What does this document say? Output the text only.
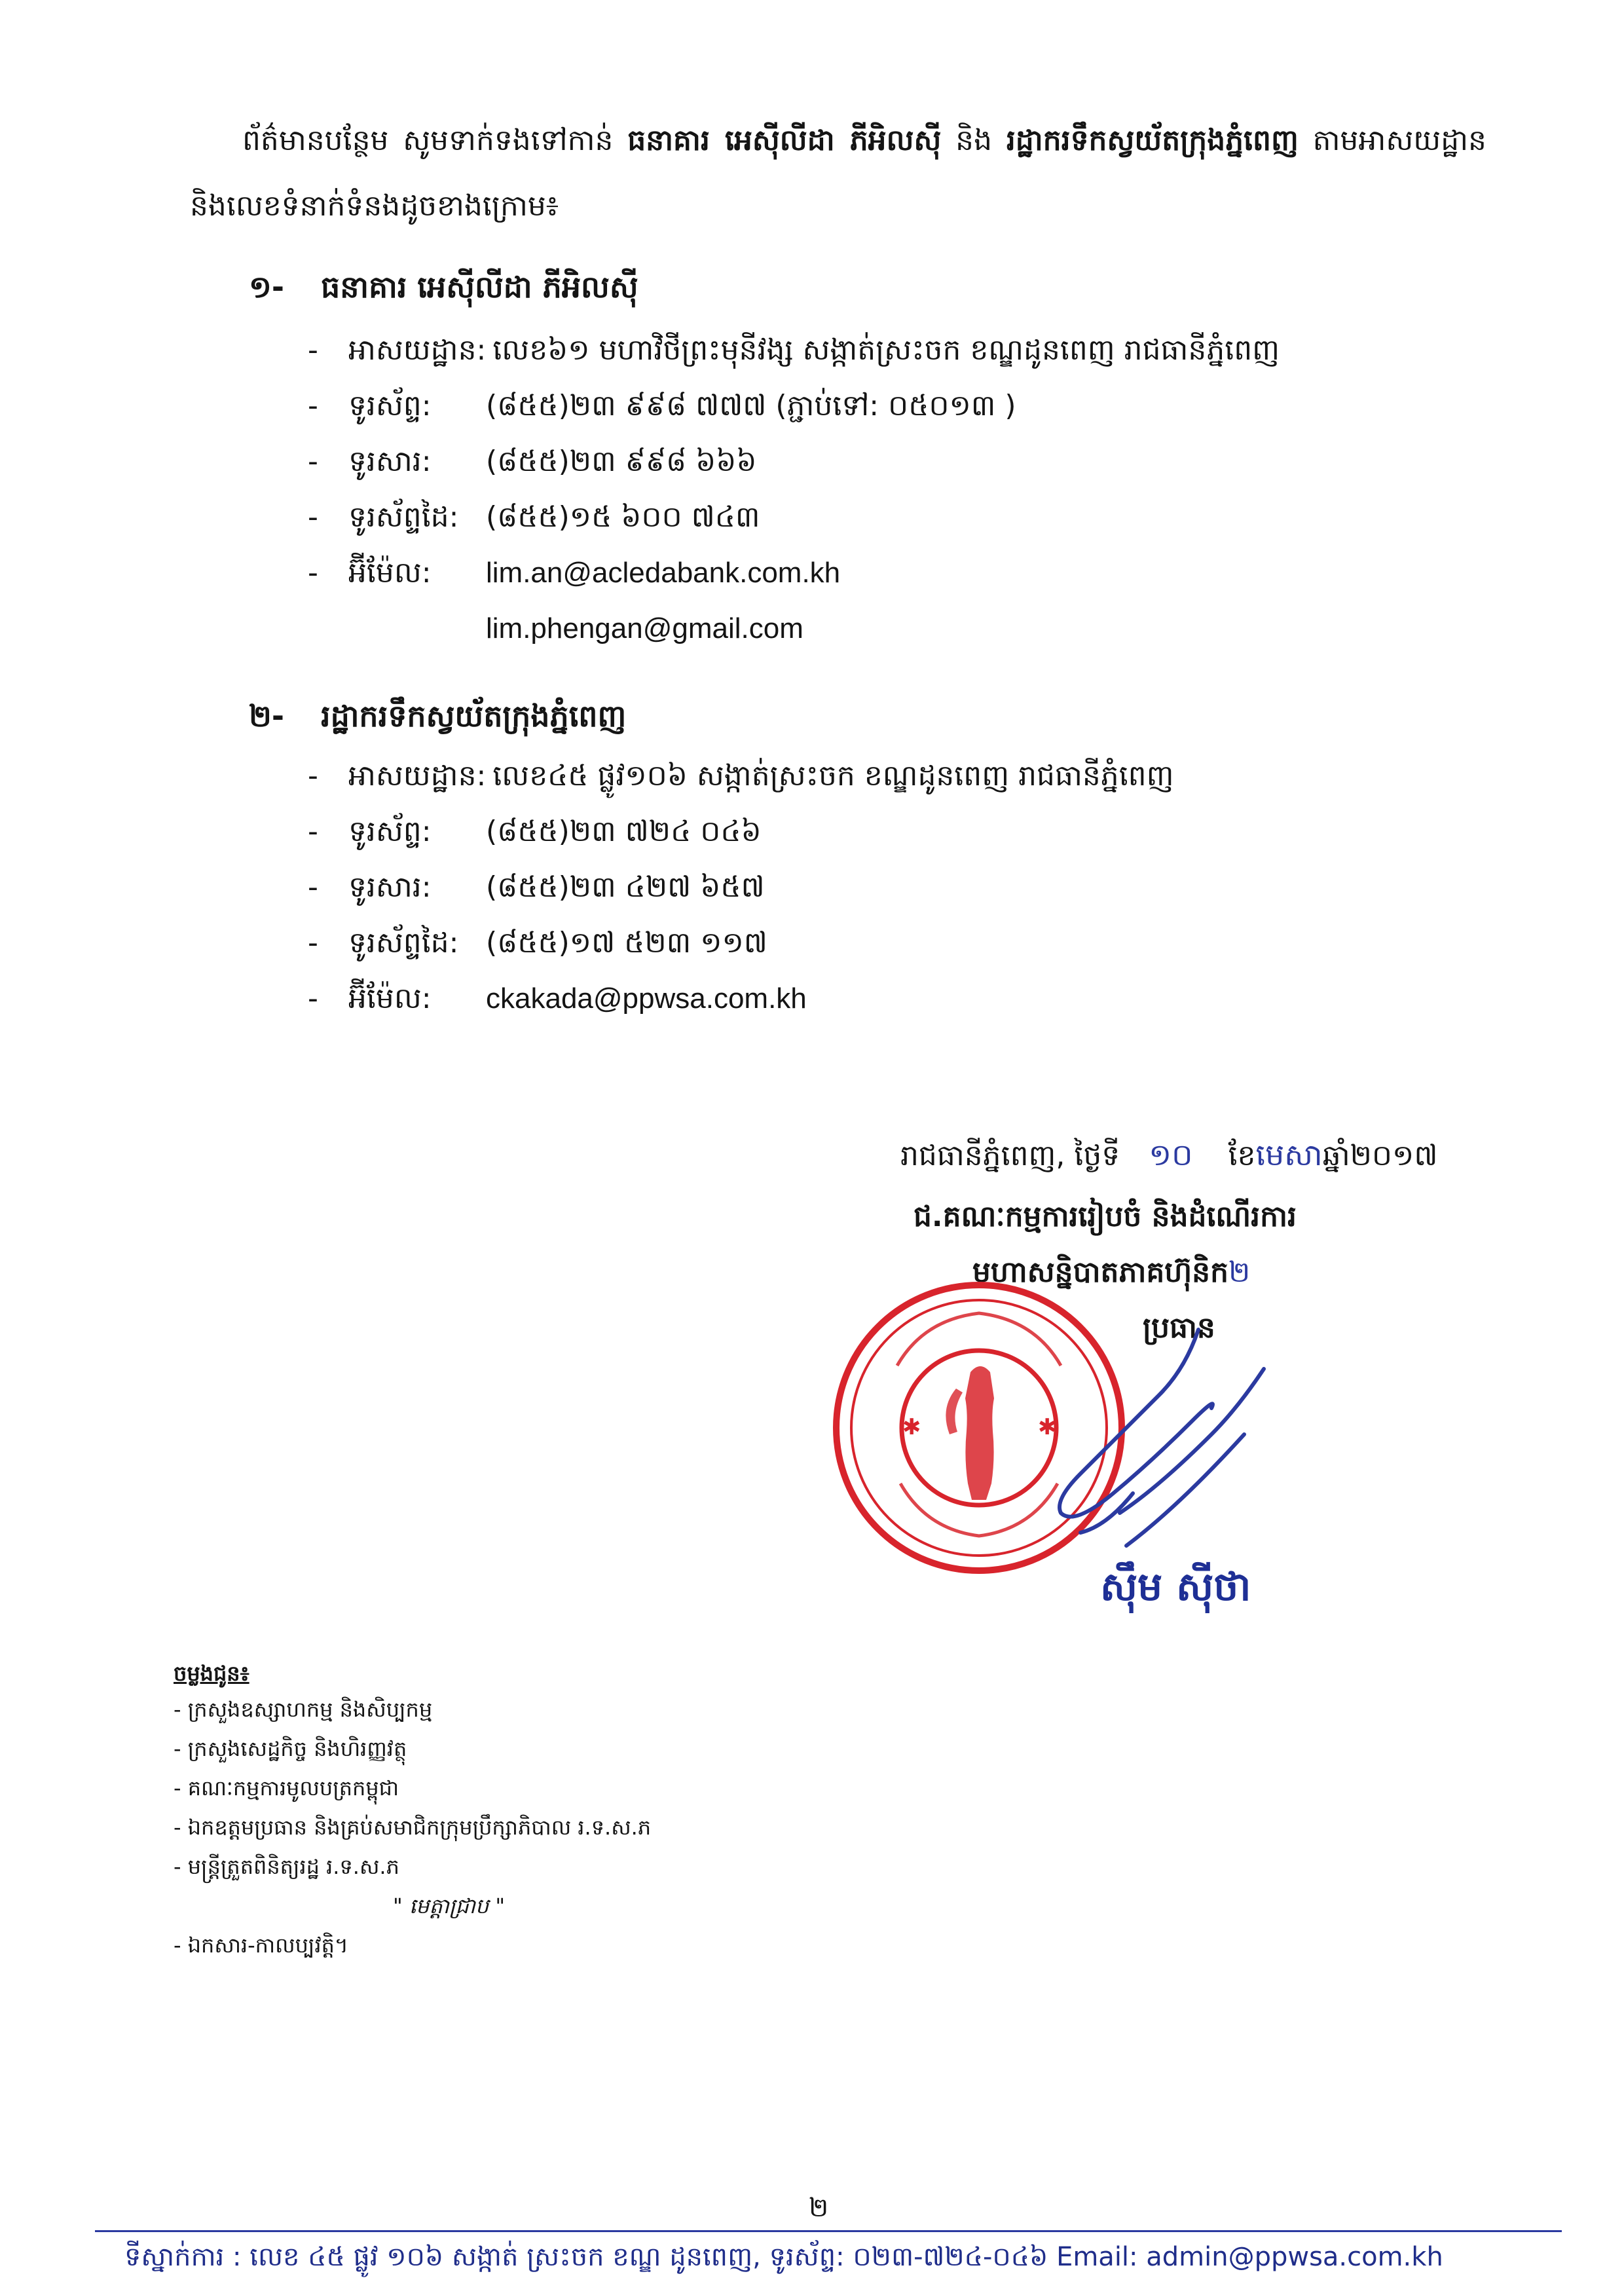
ព័ត៌មានបន្ថែម សូមទាក់ទងទៅកាន់ ធនាគារ អេស៊ីលីដា ភីអិលស៊ី និង រដ្ឋាករទឹកស្វយ័តក្រុងភ្នំពេញ តាមអាសយដ្ឋាន និងលេខទំនាក់ទំនងដូចខាងក្រោម៖
១- ធនាគារ អេស៊ីលីដា ភីអិលស៊ី
-	អាសយដ្ឋាន: លេខ៦១ មហាវិថីព្រះមុនីវង្ស សង្កាត់ស្រះចក ខណ្ឌដូនពេញ រាជធានីភ្នំពេញ
-	ទូរស័ព្ទ:	(៨៥៥)២៣ ៩៩៨ ៧៧៧ (ភ្ជាប់ទៅ: ០៥០១៣ )
-	ទូរសារ:	(៨៥៥)២៣ ៩៩៨ ៦៦៦
-	ទូរស័ព្ទដៃ: (៨៥៥)១៥ ៦០០ ៧៤៣
-	អ៊ីម៉ែល:	lim.an@acledabank.com.kh
lim.phengan@gmail.com
២- រដ្ឋាករទឹកស្វយ័តក្រុងភ្នំពេញ
-	អាសយដ្ឋាន: លេខ៤៥ ផ្លូវ១០៦ សង្កាត់ស្រះចក ខណ្ឌដូនពេញ រាជធានីភ្នំពេញ
-	ទូរស័ព្ទ:	(៨៥៥)២៣ ៧២៤ ០៤៦
-	ទូរសារ:	(៨៥៥)២៣ ៤២៧ ៦៥៧
-	ទូរស័ព្ទដៃ: (៨៥៥)១៧ ៥២៣ ១១៧
-	អ៊ីម៉ែល:	ckakada@ppwsa.com.kh
រាជធានីភ្នំពេញ, ថ្ងៃទី ១០ ខែមេសាឆ្នាំ២០១៧
ជ.គណៈកម្មការរៀបចំ និងដំណើរការ
មហាសន្និបាតភាគហ៊ុនិក២
ប្រធាន
✱	✱
ស៊ឹម ស៊ីថា
ចម្លងជូន៖
- ក្រសួងឧស្សាហកម្ម និងសិប្បកម្ម
- ក្រសួងសេដ្ឋកិច្ច និងហិរញ្ញវត្ថុ
- គណៈកម្មការមូលបត្រកម្ពុជា
- ឯកឧត្តមប្រធាន និងគ្រប់សមាជិកក្រុមប្រឹក្សាភិបាល រ.ទ.ស.ភ
- មន្ត្រីត្រួតពិនិត្យរដ្ឋ រ.ទ.ស.ភ
" មេត្តាជ្រាប "
- ឯកសារ-កាលប្បវត្តិ។
២
ទីស្នាក់ការ : លេខ ៤៥ ផ្លូវ ១០៦ សង្កាត់ ស្រះចក ខណ្ឌ ដូនពេញ, ទូរស័ព្ទ: ០២៣-៧២៤-០៤៦ Email: admin@ppwsa.com.kh
